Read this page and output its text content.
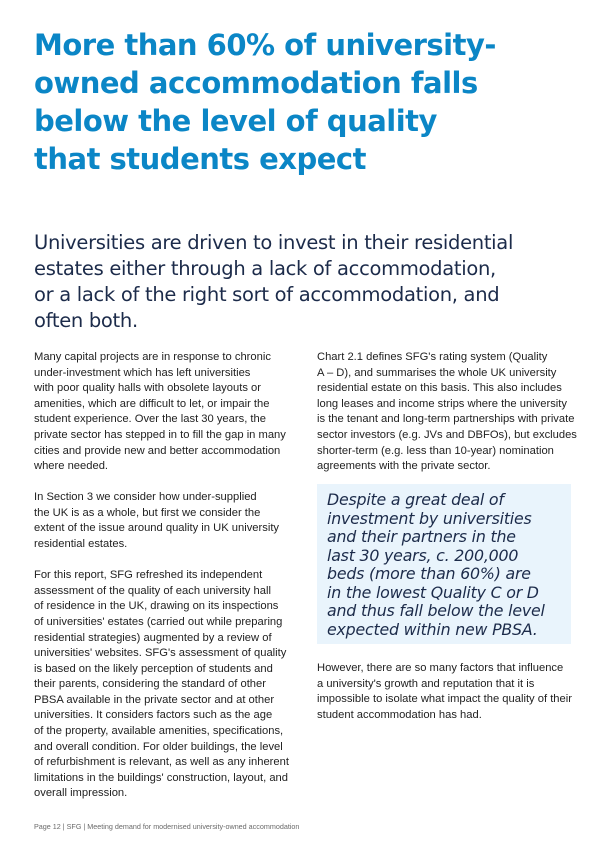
More than 60% of university-
owned accommodation falls
below the level of quality
that students expect

Universities are driven to invest in their residential
estates either through a lack of accommodation,
or a lack of the right sort of accommodation, and
often both.

Many capital projects are in response to chronic
under-investment which has left universities
with poor quality halls with obsolete layouts or
amenities, which are difficult to let, or impair the
student experience. Over the last 30 years, the
private sector has stepped in to fill the gap in many
cities and provide new and better accommodation
where needed.

In Section 3 we consider how under-supplied
the UK is as a whole, but first we consider the
extent of the issue around quality in UK university
residential estates.

For this report, SFG refreshed its independent
assessment of the quality of each university hall
of residence in the UK, drawing on its inspections
of universities' estates (carried out while preparing
residential strategies) augmented by a review of
universities' websites. SFG's assessment of quality
is based on the likely perception of students and
their parents, considering the standard of other
PBSA available in the private sector and at other
universities. It considers factors such as the age
of the property, available amenities, specifications,
and overall condition. For older buildings, the level
of refurbishment is relevant, as well as any inherent
limitations in the buildings' construction, layout, and
overall impression.

Chart 2.1 defines SFG's rating system (Quality
A – D), and summarises the whole UK university
residential estate on this basis. This also includes
long leases and income strips where the university
is the tenant and long-term partnerships with private
sector investors (e.g. JVs and DBFOs), but excludes
shorter-term (e.g. less than 10-year) nomination
agreements with the private sector.

Despite a great deal of
investment by universities
and their partners in the
last 30 years, c. 200,000
beds (more than 60%) are
in the lowest Quality C or D
and thus fall below the level
expected within new PBSA.

However, there are so many factors that influence
a university's growth and reputation that it is
impossible to isolate what impact the quality of their
student accommodation has had.

Page 12 | SFG | Meeting demand for modernised university-owned accommodation
